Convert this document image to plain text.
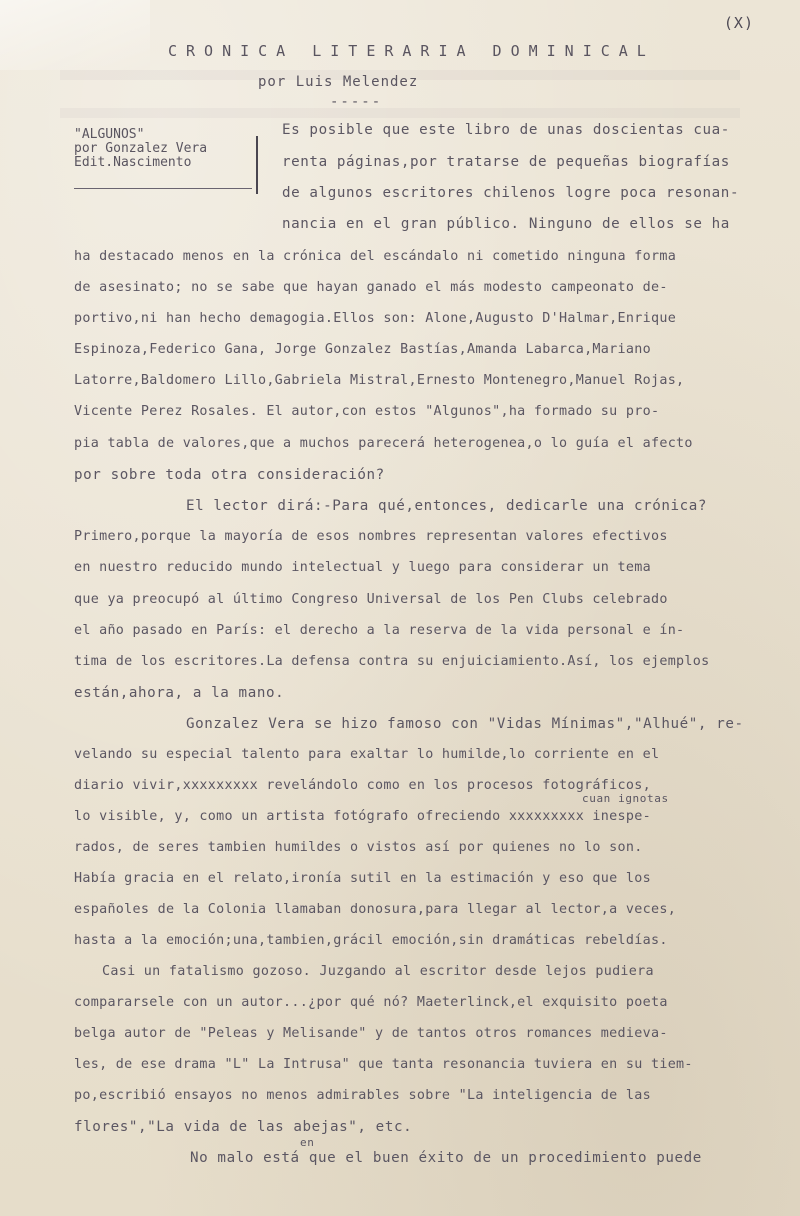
(X)
CRONICA LITERARIA DOMINICAL
por Luis Melendez
-----
"ALGUNOS"
por Gonzalez Vera
Edit.Nascimento
Es posible que este libro de unas doscientas cua-
renta páginas,por tratarse de pequeñas biografías
de algunos escritores chilenos logre poca resonan-
nancia en el gran público. Ninguno de ellos se ha
ha destacado menos en la crónica del escándalo ni cometido ninguna forma
de asesinato; no se sabe que hayan ganado el más modesto campeonato de-
portivo,ni han hecho demagogia.Ellos son: Alone,Augusto D'Halmar,Enrique
Espinoza,Federico Gana, Jorge Gonzalez Bastías,Amanda Labarca,Mariano
Latorre,Baldomero Lillo,Gabriela Mistral,Ernesto Montenegro,Manuel Rojas,
Vicente Perez Rosales. El autor,con estos "Algunos",ha formado su pro-
pia tabla de valores,que a muchos parecerá heterogenea,o lo guía el afecto
por sobre toda otra consideración?
El lector dirá:-Para qué,entonces, dedicarle una crónica?
Primero,porque la mayoría de esos nombres representan valores efectivos
en nuestro reducido mundo intelectual y luego para considerar un tema
que ya preocupó al último Congreso Universal de los Pen Clubs celebrado
el año pasado en París: el derecho a la reserva de la vida personal e ín-
tima de los escritores.La defensa contra su enjuiciamiento.Así, los ejemplos
están,ahora, a la mano.
Gonzalez Vera se hizo famoso con "Vidas Mínimas","Alhué", re-
velando su especial talento para exaltar lo humilde,lo corriente en el
diario vivir,xxxxxxxxx revelándolo como en los procesos fotográficos,
cuan ignotas
lo visible, y, como un artista fotógrafo ofreciendo xxxxxxxxx inespe-
rados, de seres tambien humildes o vistos así por quienes no lo son.
Había gracia en el relato,ironía sutil en la estimación y eso que los
españoles de la Colonia llamaban donosura,para llegar al lector,a veces,
hasta a la emoción;una,tambien,grácil emoción,sin dramáticas rebeldías.
Casi un fatalismo gozoso. Juzgando al escritor desde lejos pudiera
compararsele con un autor...¿por qué nó? Maeterlinck,el exquisito poeta
belga autor de "Peleas y Melisande" y de tantos otros romances medieva-
les, de ese drama "L" La Intrusa" que tanta resonancia tuviera en su tiem-
po,escribió ensayos no menos admirables sobre "La inteligencia de las
flores","La vida de las abejas", etc.
en
No malo está que el buen éxito de un procedimiento puede
